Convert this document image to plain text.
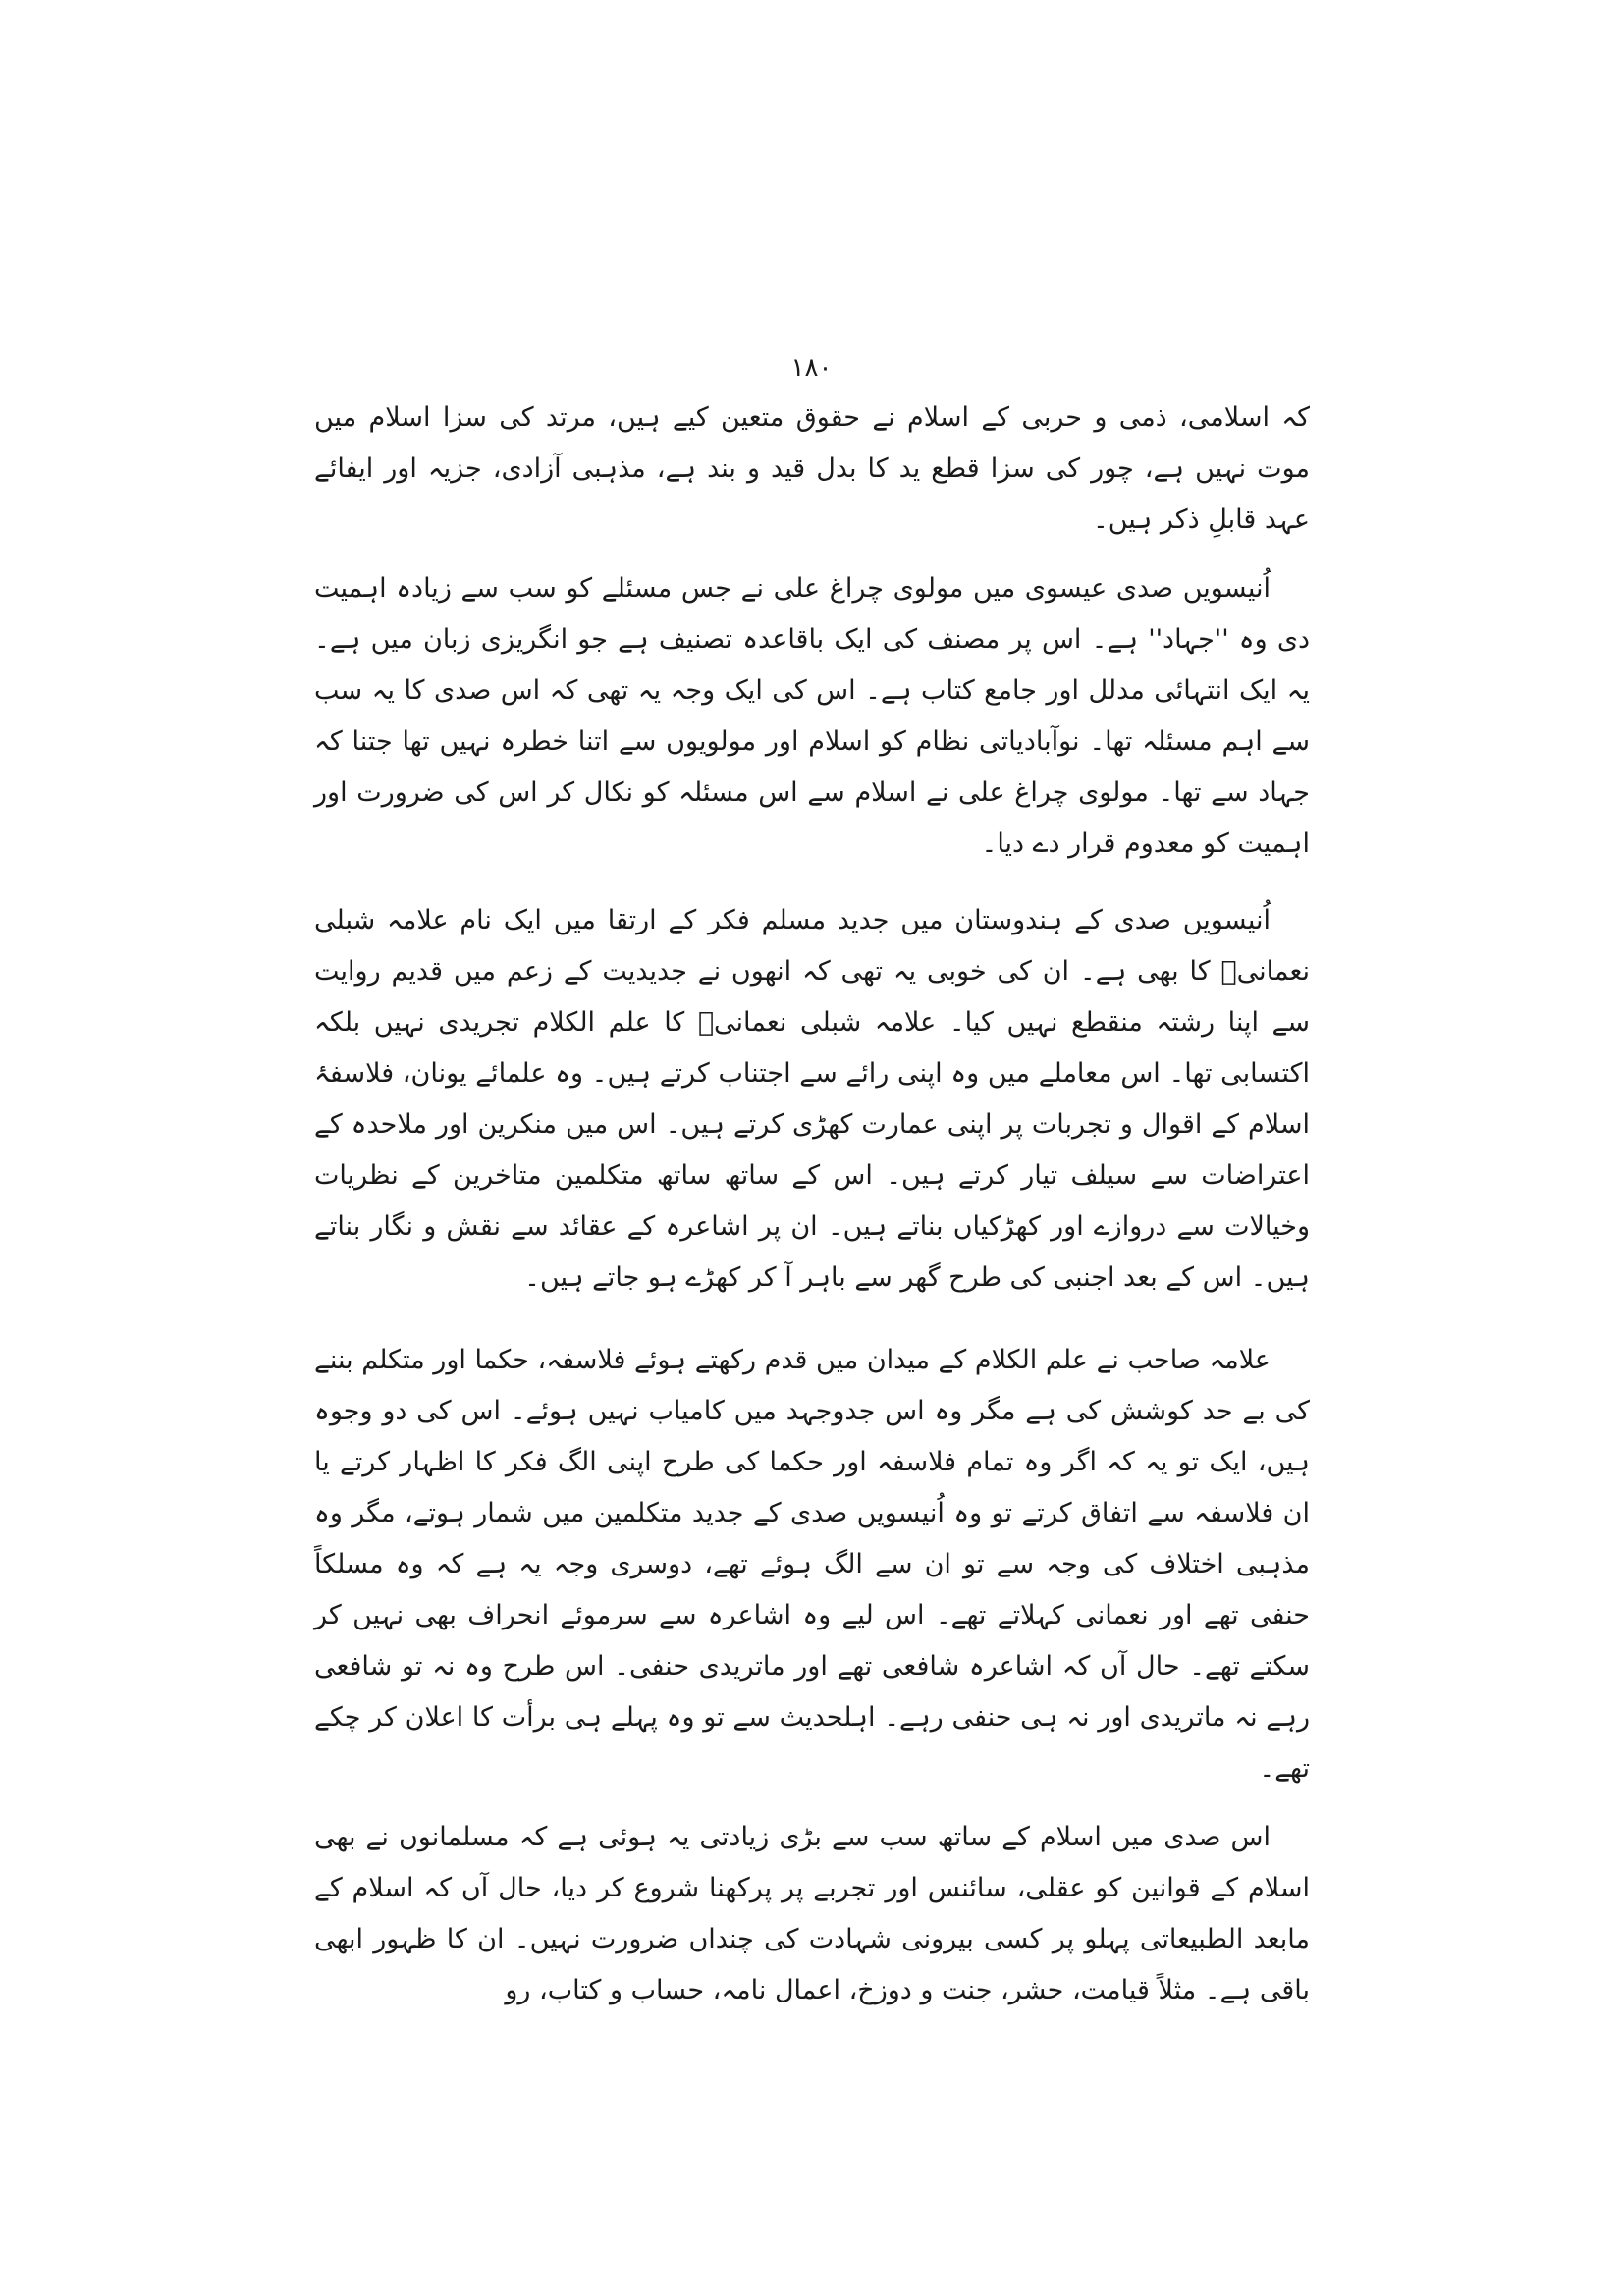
۱۸۰

کہ اسلامی، ذمی و حربی کے اسلام نے حقوق متعین کیے ہیں، مرتد کی سزا اسلام میں موت نہیں ہے، چور کی سزا قطع ید کا بدل قید و بند ہے، مذہبی آزادی، جزیہ اور ایفائے عہد قابلِ ذکر ہیں۔

اُنیسویں صدی عیسوی میں مولوی چراغ علی نے جس مسئلے کو سب سے زیادہ اہمیت دی وہ ''جہاد'' ہے۔ اس پر مصنف کی ایک باقاعدہ تصنیف ہے جو انگریزی زبان میں ہے۔ یہ ایک انتہائی مدلل اور جامع کتاب ہے۔ اس کی ایک وجہ یہ تھی کہ اس صدی کا یہ سب سے اہم مسئلہ تھا۔ نوآبادیاتی نظام کو اسلام اور مولویوں سے اتنا خطرہ نہیں تھا جتنا کہ جہاد سے تھا۔ مولوی چراغ علی نے اسلام سے اس مسئلہ کو نکال کر اس کی ضرورت اور اہمیت کو معدوم قرار دے دیا۔

اُنیسویں صدی کے ہندوستان میں جدید مسلم فکر کے ارتقا میں ایک نام علامہ شبلی نعمانیؒ کا بھی ہے۔ ان کی خوبی یہ تھی کہ انھوں نے جدیدیت کے زعم میں قدیم روایت سے اپنا رشتہ منقطع نہیں کیا۔ علامہ شبلی نعمانیؒ کا علم الکلام تجریدی نہیں بلکہ اکتسابی تھا۔ اس معاملے میں وہ اپنی رائے سے اجتناب کرتے ہیں۔ وہ علمائے یونان، فلاسفۂ اسلام کے اقوال و تجربات پر اپنی عمارت کھڑی کرتے ہیں۔ اس میں منکرین اور ملاحدہ کے اعتراضات سے سیلف تیار کرتے ہیں۔ اس کے ساتھ ساتھ متکلمین متاخرین کے نظریات وخیالات سے دروازے اور کھڑکیاں بناتے ہیں۔ ان پر اشاعرہ کے عقائد سے نقش و نگار بناتے ہیں۔ اس کے بعد اجنبی کی طرح گھر سے باہر آ کر کھڑے ہو جاتے ہیں۔

علامہ صاحب نے علم الکلام کے میدان میں قدم رکھتے ہوئے فلاسفہ، حکما اور متکلم بننے کی بے حد کوشش کی ہے مگر وہ اس جدوجہد میں کامیاب نہیں ہوئے۔ اس کی دو وجوہ ہیں، ایک تو یہ کہ اگر وہ تمام فلاسفہ اور حکما کی طرح اپنی الگ فکر کا اظہار کرتے یا ان فلاسفہ سے اتفاق کرتے تو وہ اُنیسویں صدی کے جدید متکلمین میں شمار ہوتے، مگر وہ مذہبی اختلاف کی وجہ سے تو ان سے الگ ہوئے تھے، دوسری وجہ یہ ہے کہ وہ مسلکاً حنفی تھے اور نعمانی کہلاتے تھے۔ اس لیے وہ اشاعرہ سے سرموئے انحراف بھی نہیں کر سکتے تھے۔ حال آں کہ اشاعرہ شافعی تھے اور ماتریدی حنفی۔ اس طرح وہ نہ تو شافعی رہے نہ ماتریدی اور نہ ہی حنفی رہے۔ اہلحدیث سے تو وہ پہلے ہی برأت کا اعلان کر چکے تھے۔

اس صدی میں اسلام کے ساتھ سب سے بڑی زیادتی یہ ہوئی ہے کہ مسلمانوں نے بھی اسلام کے قوانین کو عقلی، سائنس اور تجربے پر پرکھنا شروع کر دیا، حال آں کہ اسلام کے مابعد الطبیعاتی پہلو پر کسی بیرونی شہادت کی چنداں ضرورت نہیں۔ ان کا ظہور ابھی باقی ہے۔ مثلاً قیامت، حشر، جنت و دوزخ، اعمال نامہ، حساب و کتاب، رو
